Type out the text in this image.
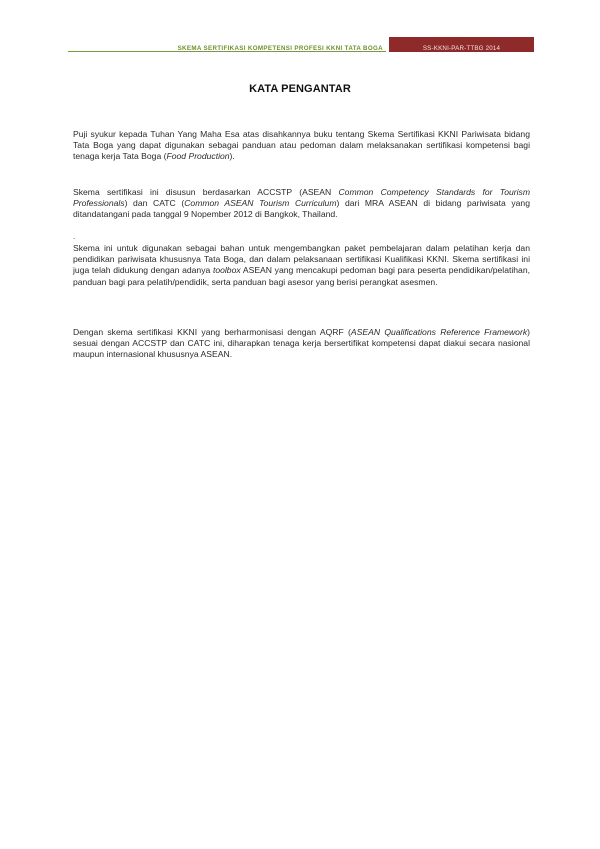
SKEMA SERTIFIKASI KOMPETENSI PROFESI KKNI TATA BOGA	SS-KKNI-PAR-TTBG 2014
KATA PENGANTAR
Puji syukur kepada Tuhan Yang Maha Esa atas disahkannya buku tentang Skema Sertifikasi KKNI Pariwisata bidang Tata Boga yang dapat digunakan sebagai panduan atau pedoman dalam melaksanakan sertifikasi kompetensi bagi tenaga kerja Tata Boga (Food Production).
Skema sertifikasi ini disusun berdasarkan ACCSTP (ASEAN Common Competency Standards for Tourism Professionals) dan CATC (Common ASEAN Tourism Curriculum) dari MRA ASEAN di bidang pariwisata yang ditandatangani pada tanggal 9 Nopember 2012 di Bangkok, Thailand.
.
Skema ini untuk digunakan sebagai bahan untuk mengembangkan paket pembelajaran dalam pelatihan kerja dan pendidikan pariwisata khususnya Tata Boga, dan dalam pelaksanaan sertifikasi Kualifikasi KKNI. Skema sertifikasi ini juga telah didukung dengan adanya toolbox ASEAN yang mencakupi pedoman bagi para peserta pendidikan/pelatihan, panduan bagi para pelatih/pendidik, serta panduan bagi asesor yang berisi perangkat asesmen.
Dengan skema sertifikasi KKNI yang berharmonisasi dengan AQRF (ASEAN Qualifications Reference Framework) sesuai dengan ACCSTP dan CATC ini, diharapkan tenaga kerja bersertifikat kompetensi dapat diakui secara nasional maupun internasional khususnya ASEAN.
